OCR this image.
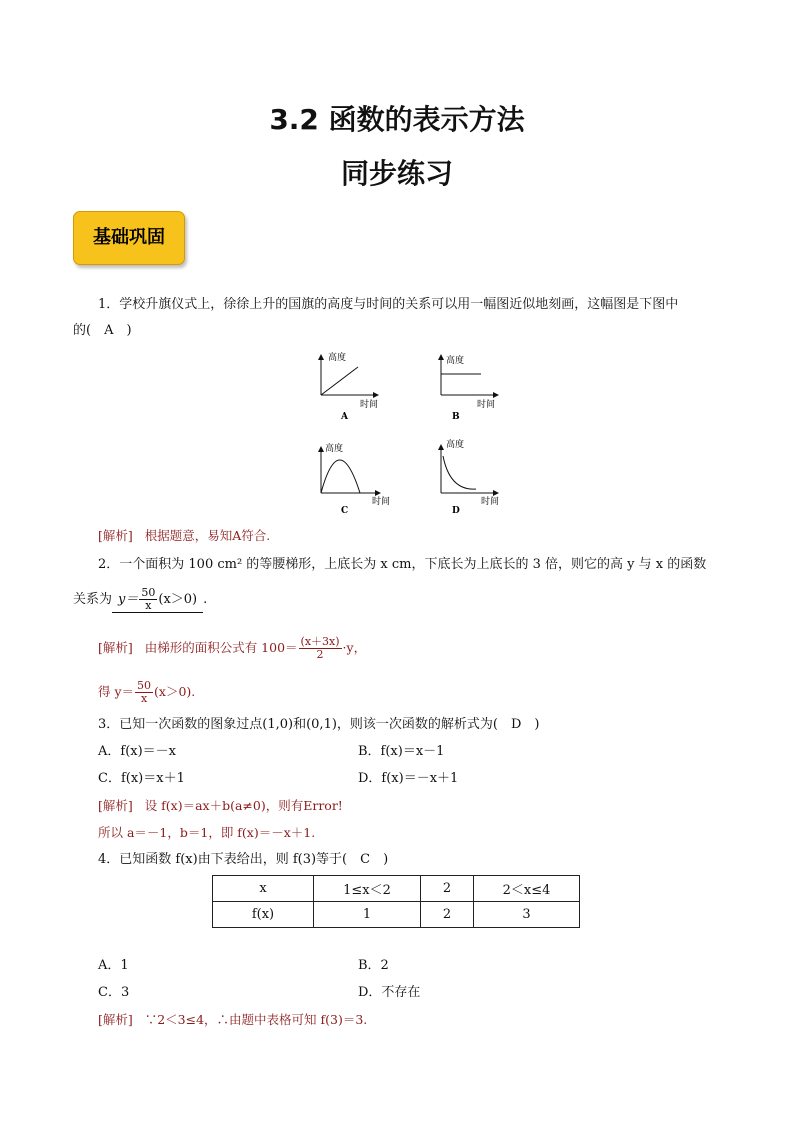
3.2 函数的表示方法
同步练习
基础巩固
1．学校升旗仪式上，徐徐上升的国旗的高度与时间的关系可以用一幅图近似地刻画，这幅图是下图中
的(　A　)
高度
时间
A
高度
时间
B
高度
时间
C
高度
时间
D
[解析] 根据题意，易知A符合.
2．一个面积为 100 cm² 的等腰梯形，上底长为 x cm，下底长为上底长的 3 倍，则它的高 y 与 x 的函数
关系为 $y= \frac{50}{x} (x>0)$ .
[解析] 由梯形的面积公式有 $100= \frac{(x+3x)}{2} \cdot y$，
得 $y= \frac{50}{x} (x>0)$.
3．已知一次函数的图象过点(1,0)和(0,1)，则该一次函数的解析式为(　D　)
A．f(x)＝－x	B．f(x)＝x－1
C．f(x)＝x＋1	D．f(x)＝－x＋1
[解析] 设 f(x)＝ax＋b(a≠0)，则有Error!
所以 a＝－1，b＝1，即 f(x)＝－x＋1.
4．已知函数 f(x)由下表给出，则 f(3)等于(　C　)
x	1≤x＜2	2	2＜x≤4
f(x)	1	2	3
A．1	B．2
C．3	D．不存在
[解析] ∵2＜3≤4，∴由题中表格可知 f(3)＝3.
